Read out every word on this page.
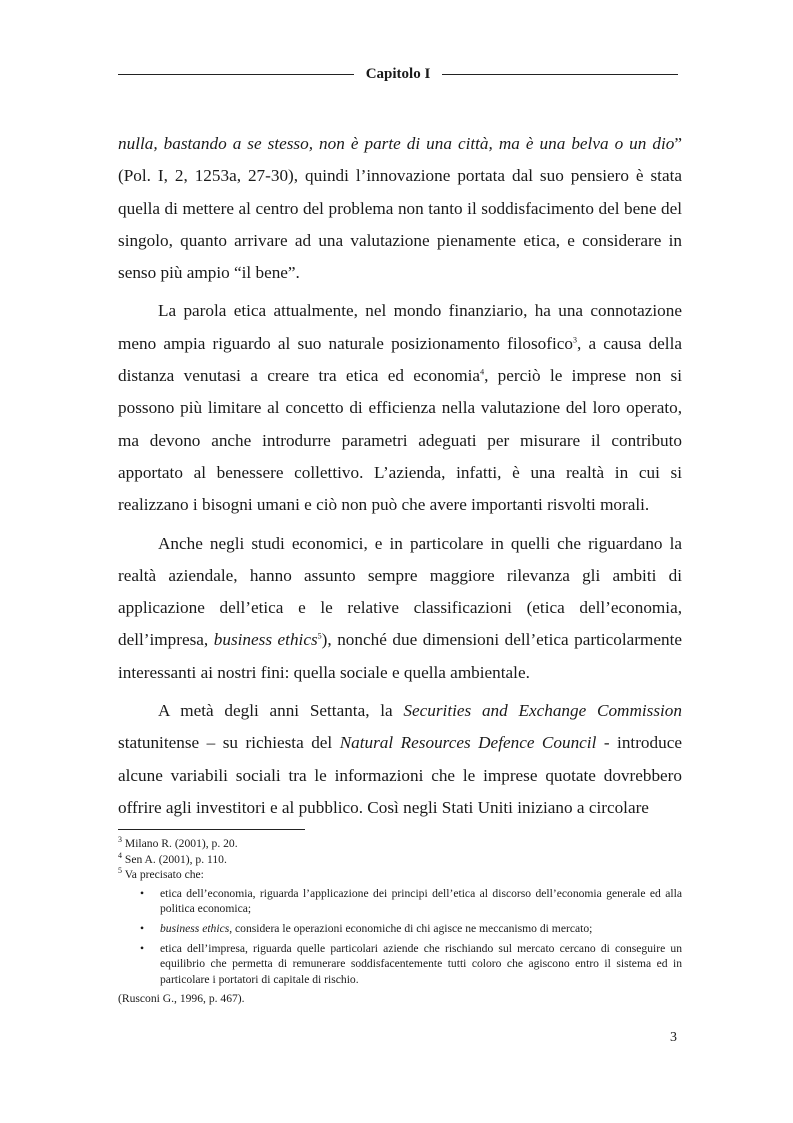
Capitolo I

nulla, bastando a se stesso, non è parte di una città, ma è una belva o un dio” (Pol. I, 2, 1253a, 27-30), quindi l’innovazione portata dal suo pensiero è stata quella di mettere al centro del problema non tanto il soddisfacimento del bene del singolo, quanto arrivare ad una valutazione pienamente etica, e considerare in senso più ampio “il bene”.

La parola etica attualmente, nel mondo finanziario, ha una connotazione meno ampia riguardo al suo naturale posizionamento filosofico$^3$, a causa della distanza venutasi a creare tra etica ed economia$^4$, perciò le imprese non si possono più limitare al concetto di efficienza nella valutazione del loro operato, ma devono anche introdurre parametri adeguati per misurare il contributo apportato al benessere collettivo. L’azienda, infatti, è una realtà in cui si realizzano i bisogni umani e ciò non può che avere importanti risvolti morali.

Anche negli studi economici, e in particolare in quelli che riguardano la realtà aziendale, hanno assunto sempre maggiore rilevanza gli ambiti di applicazione dell’etica e le relative classificazioni (etica dell’economia, dell’impresa, business ethics$^5$), nonché due dimensioni dell’etica particolarmente interessanti ai nostri fini: quella sociale e quella ambientale.

A metà degli anni Settanta, la Securities and Exchange Commission statunitense – su richiesta del Natural Resources Defence Council - introduce alcune variabili sociali tra le informazioni che le imprese quotate dovrebbero offrire agli investitori e al pubblico. Così negli Stati Uniti iniziano a circolare

$^3$ Milano R. (2001), p. 20.

$^4$ Sen A. (2001), p. 110.

$^5$ Va precisato che:

• etica dell’economia, riguarda l’applicazione dei principi dell’etica al discorso dell’economia generale ed alla politica economica;
• business ethics, considera le operazioni economiche di chi agisce ne meccanismo di mercato;
• etica dell’impresa, riguarda quelle particolari aziende che rischiando sul mercato cercano di conseguire un equilibrio che permetta di remunerare soddisfacentemente tutti coloro che agiscono entro il sistema ed in particolare i portatori di capitale di rischio.

(Rusconi G., 1996, p. 467).

3
